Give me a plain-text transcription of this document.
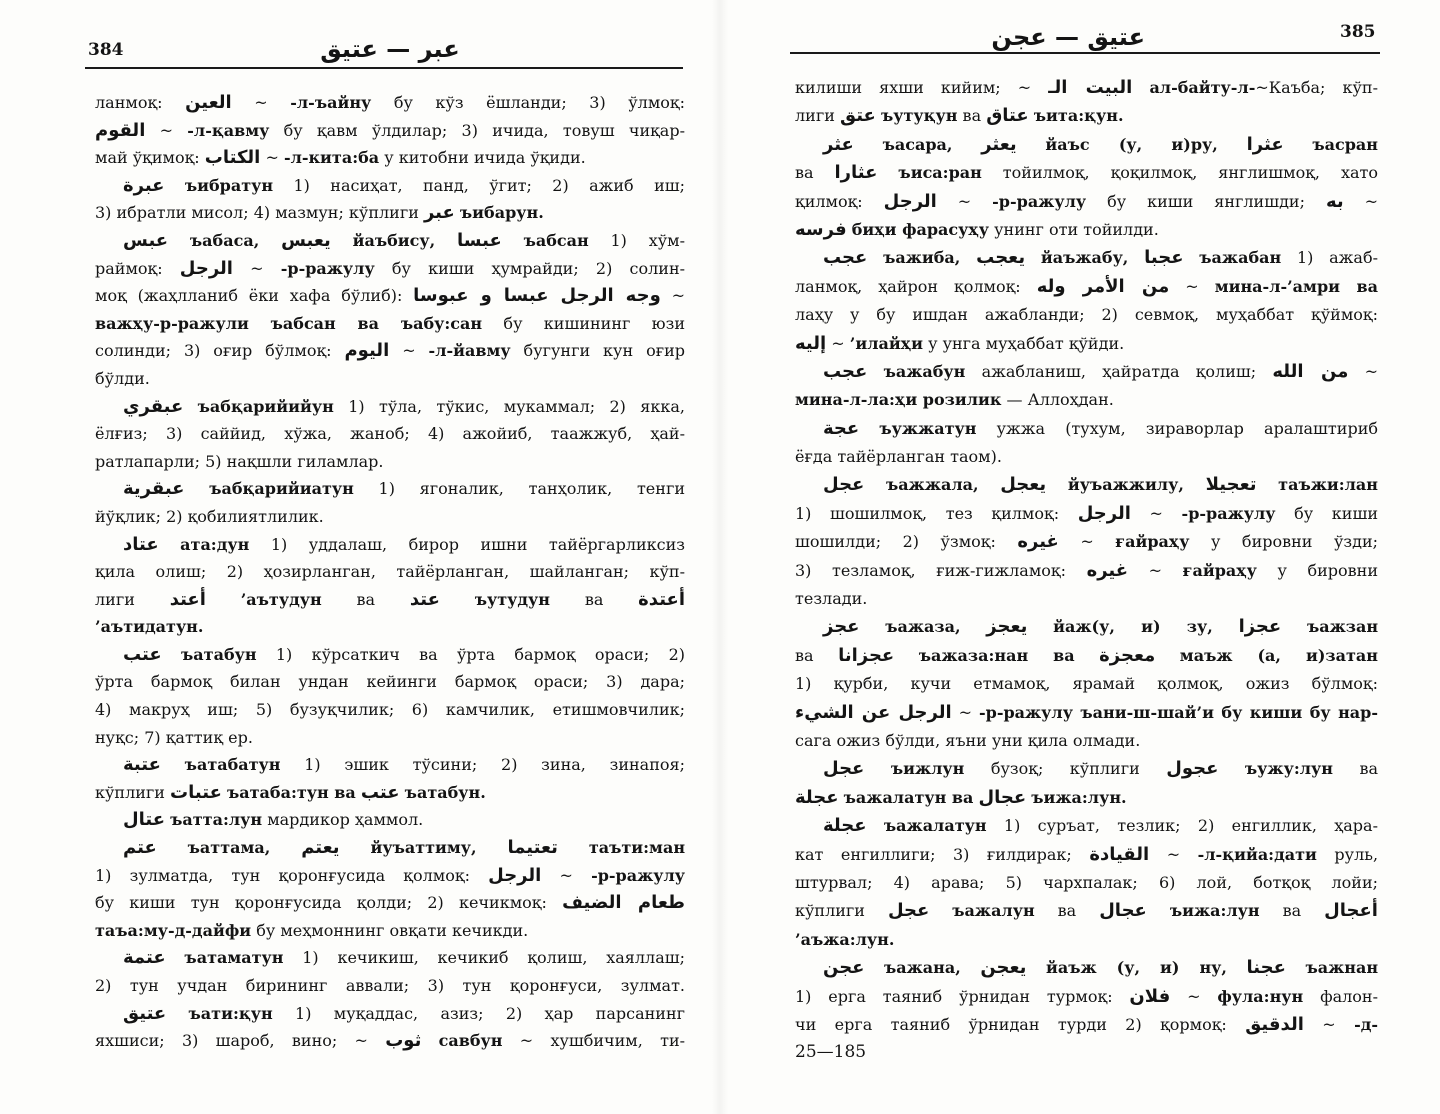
384	عبر — عتيق
ланмоқ: العين ~ -л-ъайну бу кўз ёшланди; 3) ўлмоқ:
القوم ~ -л-қавму бу қавм ўлдилар; 3) ичида, товуш чиқар-
май ўқимоқ: الكتاب ~ -л-кита:ба у китобни ичида ўқиди.
عبرة ъибратун 1) насиҳат, панд, ўгит; 2) ажиб иш;
3) ибратли мисол; 4) мазмун; кўплиги عبر ъибарун.
عبس ъабаса, يعبس йаъбису, عبسا ъабсан 1) хўм-
раймоқ: الرجل ~ -р-ражулу бу киши ҳумрайди; 2) солин-
моқ (жаҳлланиб ёки хафа бўлиб): وجه الرجل عبسا و عبوسا ~
важҳу-р-ражули ъабсан ва ъабу:сан бу кишининг юзи
солинди; 3) оғир бўлмоқ: اليوم ~ -л-йавму бугунги кун оғир
бўлди.
عبقري ъабқарийийун 1) тўла, тўкис, мукаммал; 2) якка,
ёлғиз; 3) саййид, хўжа, жаноб; 4) ажойиб, таажжуб, ҳай-
ратлапарли; 5) нақшли гиламлар.
عبقرية ъабқарийиатун 1) ягоналик, танҳолик, тенги
йўқлик; 2) қобилиятлилик.
عتاد ата:дун 1) уддалаш, бирор ишни тайёргарликсиз
қила олиш; 2) ҳозирланган, тайёрланган, шайланган; кўп-
лиги أعتد ’аътудун ва عتد ъутудун ва أعتدة
’аътидатун.
عتب ъатабун 1) кўрсаткич ва ўрта бармоқ ораси; 2)
ўрта бармоқ билан ундан кейинги бармоқ ораси; 3) дара;
4) макруҳ иш; 5) бузуқчилик; 6) камчилик, етишмовчилик;
нуқс; 7) қаттиқ ер.
عتبة ъатабатун 1) эшик тўсини; 2) зина, зинапоя;
кўплиги عتبات ъатаба:тун ва عتب ъатабун.
عتال ъатта:лун мардикор ҳаммол.
عتم ъаттама, يعتم йуъаттиму, تعتيما таъти:ман
1) зулматда, тун қоронғусида қолмоқ: الرجل ~ -р-ражулу
бу киши тун қоронғусида қолди; 2) кечикмоқ: طعام الضيف
таъа:му-д-дайфи бу меҳмоннинг овқати кечикди.
عتمة ъатаматун 1) кечикиш, кечикиб қолиш, хаяллаш;
2) тун учдан бирининг аввали; 3) тун қоронғуси, зулмат.
عتيق ъати:қун 1) муқаддас, азиз; 2) ҳар парсанинг
яхшиси; 3) шароб, вино; ~ ثوب савбун ~ хушбичим, ти-
عتيق — عجن	385
килиши яхши кийим; ~ البيت الـ ал-байту-л-~Каъба; кўп-
лиги عتق ъутуқун ва عتاق ъита:қун.
عثر ъасара, يعثر йаъс (у, и)ру, عثرا ъасран
ва عثارا ъиса:ран тойилмоқ, қоқилмоқ, янглишмоқ, хато
қилмоқ: الرجل ~ -р-ражулу бу киши янглишди; به ~
فرسه биҳи фарасуҳу унинг оти тойилди.
عجب ъажиба, يعجب йаъжабу, عجبا ъажабан 1) ажаб-
ланмоқ, ҳайрон қолмоқ: من الأمر وله ~ мина-л-’амри ва
лаҳу у бу ишдан ажабланди; 2) севмоқ, муҳаббат қўймоқ:
إليه ~ ’илайҳи у унга муҳаббат қўйди.
عجب ъажабун ажабланиш, ҳайратда қолиш; من الله ~
мина-л-ла:ҳи розилик — Аллоҳдан.
عجة ъужжатун ужжа (тухум, зираворлар аралаштириб
ёғда тайёрланган таом).
عجل ъажжала, يعجل йуъажжилу, تعجيلا таъжи:лан
1) шошилмоқ, тез қилмоқ: الرجل ~ -р-ражулу бу киши
шошилди; 2) ўзмоқ: غيره ~ ғайраҳу у бировни ўзди;
3) тезламоқ, ғиж-гижламоқ: غيره ~ ғайраҳу у бировни
тезлади.
عجز ъажаза, يعجز йаж(у, и) зу, عجزا ъажзан
ва عجزانا ъажаза:нан ва معجزة маъж (а, и)затан
1) қурби, кучи етмамоқ, ярамай қолмоқ, ожиз бўлмоқ:
الرجل عن الشيء ~ -р-ражулу ъани-ш-шай’и бу киши бу нар-
сага ожиз бўлди, яъни уни қила олмади.
عجل ъижлун бузоқ; кўплиги عجول ъужу:лун ва
عجلة ъажалатун ва عجال ъижа:лун.
عجلة ъажалатун 1) суръат, тезлик; 2) енгиллик, ҳара-
кат енгиллиги; 3) ғилдирак; القيادة ~ -л-қийа:дати руль,
штурвал; 4) арава; 5) чархпалак; 6) лой, ботқоқ лойи;
кўплиги عجل ъажалун ва عجال ъижа:лун ва أعجال
’аъжа:лун.
عجن ъажана, يعجن йаъж (у, и) ну, عجنا ъажнан
1) ерга таяниб ўрнидан турмоқ: فلان ~ фула:нун фалон-
чи ерга таяниб ўрнидан турди 2) қормоқ: الدقيق ~ -д-
25—185
